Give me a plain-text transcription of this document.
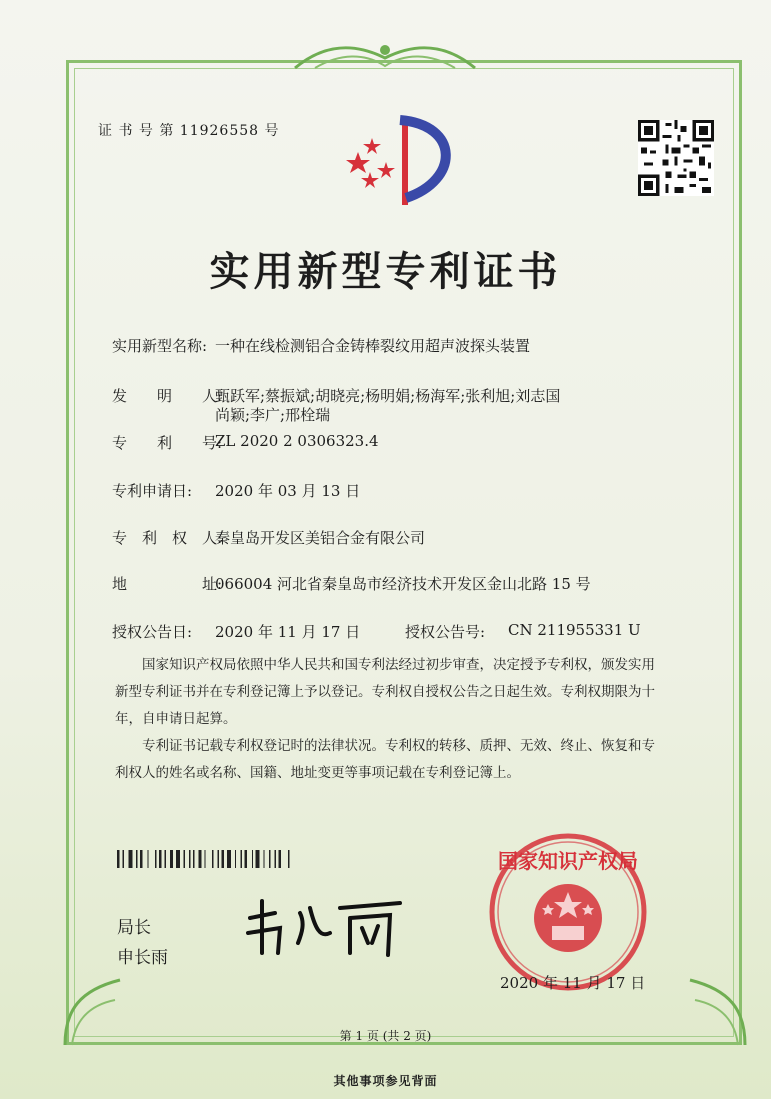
证 书 号 第 11926558 号
实用新型专利证书
实用新型名称: 一种在线检测铝合金铸棒裂纹用超声波探头装置
发　　明　　人:
甄跃军;蔡振斌;胡晓亮;杨明娟;杨海军;张利旭;刘志国
尚颖;李广;邢栓瑞
专　　利　　号:
ZL 2020 2 0306323.4
专利申请日: 2020 年 03 月 13 日
专　利　权　人:
秦皇岛开发区美铝合金有限公司
地　　　　　址:
066004 河北省秦皇岛市经济技术开发区金山北路 15 号
授权公告日: 2020 年 11 月 17 日	授权公告号: CN 211955331 U
　　国家知识产权局依照中华人民共和国专利法经过初步审查，决定授予专利权，颁发实用
新型专利证书并在专利登记簿上予以登记。专利权自授权公告之日起生效。专利权期限为十
年，自申请日起算。
　　专利证书记载专利权登记时的法律状况。专利权的转移、质押、无效、终止、恢复和专
利权人的姓名或名称、国籍、地址变更等事项记载在专利登记簿上。
局长
申长雨
国家知识产权局
2020 年 11 月 17 日
第 1 页 (共 2 页)
其他事项参见背面
